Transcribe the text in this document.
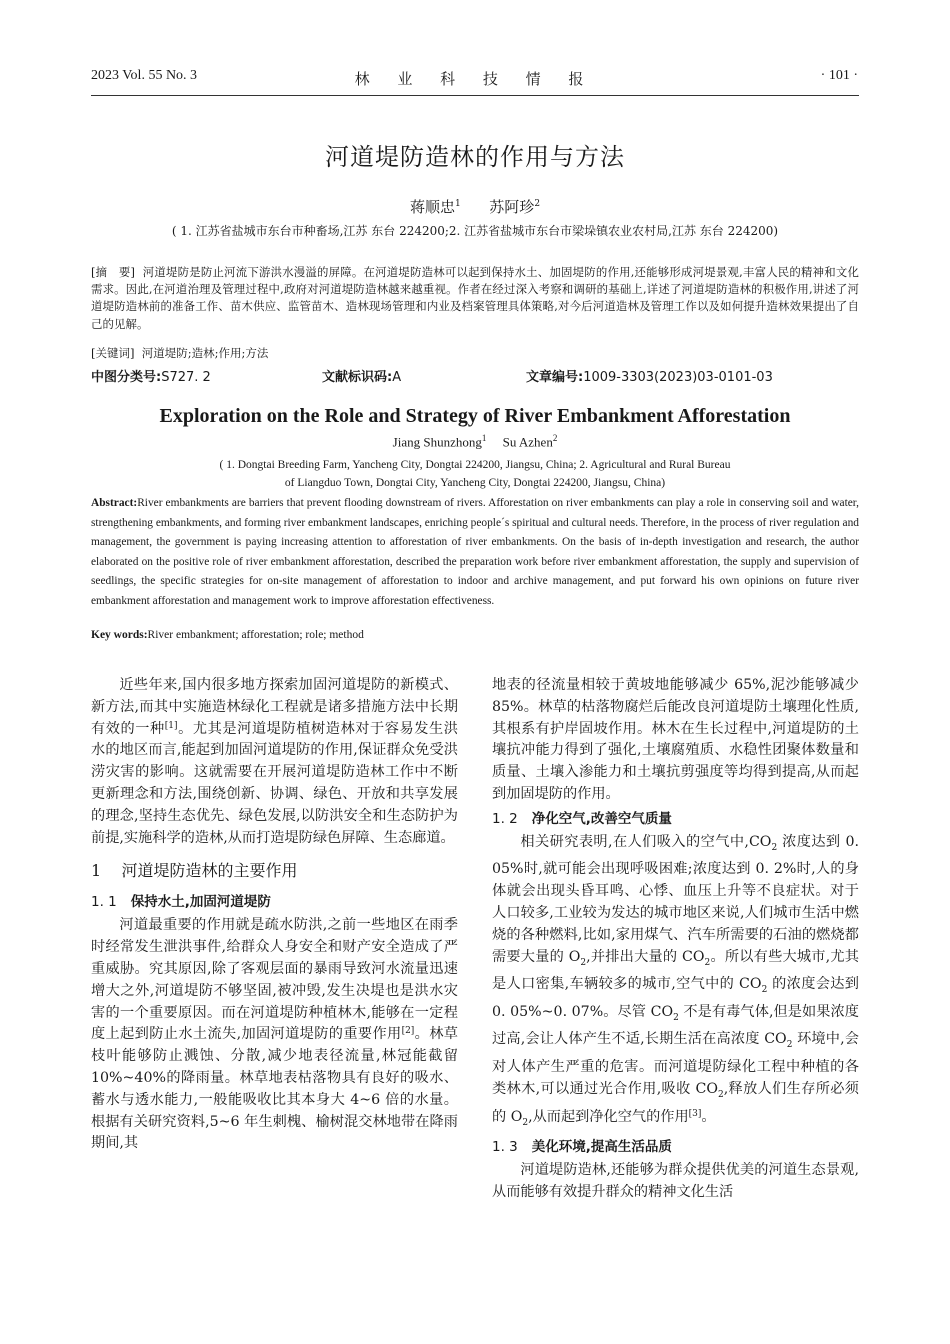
2023 Vol. 55 No. 3	林 业 科 技 情 报	· 101 ·
河道堤防造林的作用与方法
蒋顺忠$^1$ 苏阿珍$^2$
( 1. 江苏省盐城市东台市种畜场,江苏 东台 224200;2. 江苏省盐城市东台市梁垛镇农业农村局,江苏 东台 224200)
[摘　要] 河道堤防是防止河流下游洪水漫溢的屏障。在河道堤防造林可以起到保持水土、加固堤防的作用,还能够形成河堤景观,丰富人民的精神和文化需求。因此,在河道治理及管理过程中,政府对河道堤防造林越来越重视。作者在经过深入考察和调研的基础上,详述了河道堤防造林的积极作用,讲述了河道堤防造林前的准备工作、苗木供应、监管苗木、造林现场管理和内业及档案管理具体策略,对今后河道造林及管理工作以及如何提升造林效果提出了自己的见解。
[关键词] 河道堤防;造林;作用;方法
中图分类号:S727. 2	文献标识码:A	文章编号:1009-3303(2023)03-0101-03
Exploration on the Role and Strategy of River Embankment Afforestation
Jiang Shunzhong$^1$ Su Azhen$^2$
( 1. Dongtai Breeding Farm, Yancheng City, Dongtai 224200, Jiangsu, China; 2. Agricultural and Rural Bureau
of Liangduo Town, Dongtai City, Yancheng City, Dongtai 224200, Jiangsu, China)
Abstract:River embankments are barriers that prevent flooding downstream of rivers. Afforestation on river embankments can play a role in conserving soil and water, strengthening embankments, and forming river embankment landscapes, enriching people´s spiritual and cultural needs. Therefore, in the process of river regulation and management, the government is paying increasing attention to afforestation of river embankments. On the basis of in-depth investigation and research, the author elaborated on the positive role of river embankment afforestation, described the preparation work before river embankment afforestation, the supply and supervision of seedlings, the specific strategies for on-site management of afforestation to indoor and archive management, and put forward his own opinions on future river embankment afforestation and management work to improve afforestation effectiveness.
Key words:River embankment; afforestation; role; method

近些年来,国内很多地方探索加固河道堤防的新模式、新方法,而其中实施造林绿化工程就是诸多措施方法中长期有效的一种[1]。尤其是河道堤防植树造林对于容易发生洪水的地区而言,能起到加固河道堤防的作用,保证群众免受洪涝灾害的影响。这就需要在开展河道堤防造林工作中不断更新理念和方法,围绕创新、协调、绿色、开放和共享发展的理念,坚持生态优先、绿色发展,以防洪安全和生态防护为前提,实施科学的造林,从而打造堤防绿色屏障、生态廊道。

1 河道堤防造林的主要作用
1. 1 保持水土,加固河道堤防

河道最重要的作用就是疏水防洪,之前一些地区在雨季时经常发生泄洪事件,给群众人身安全和财产安全造成了严重威胁。究其原因,除了客观层面的暴雨导致河水流量迅速增大之外,河道堤防不够坚固,被冲毁,发生决堤也是洪水灾害的一个重要原因。而在河道堤防种植林木,能够在一定程度上起到防止水土流失,加固河道堤防的重要作用[2]。林草枝叶能够防止溅蚀、分散,减少地表径流量,林冠能截留 10%~40%的降雨量。林草地表枯落物具有良好的吸水、蓄水与透水能力,一般能吸收比其本身大 4~6 倍的水量。根据有关研究资料,5~6 年生刺槐、榆树混交林地带在降雨期间,其

地表的径流量相较于黄坡地能够减少 65%,泥沙能够减少 85%。林草的枯落物腐烂后能改良河道堤防土壤理化性质,其根系有护岸固坡作用。林木在生长过程中,河道堤防的土壤抗冲能力得到了强化,土壤腐殖质、水稳性团聚体数量和质量、土壤入渗能力和土壤抗剪强度等均得到提高,从而起到加固堤防的作用。

1. 2 净化空气,改善空气质量

相关研究表明,在人们吸入的空气中$,CO_2$ 浓度达到 0. 05%时,就可能会出现呼吸困难;浓度达到 0. 2%时,人的身体就会出现头昏耳鸣、心悸、血压上升等不良症状。对于人口较多,工业较为发达的城市地区来说,人们城市生活中燃烧的各种燃料,比如,家用煤气、汽车所需要的石油的燃烧都需要大量的 $O_2$,并排出大量的 $CO_2$。所以有些大城市,尤其是人口密集,车辆较多的城市,空气中的 $CO_2$ 的浓度会达到 0. 05%~0. 07%。尽管 $CO_2$ 不是有毒气体,但是如果浓度过高,会让人体产生不适,长期生活在高浓度 $CO_2$ 环境中,会对人体产生严重的危害。而河道堤防绿化工程中种植的各类林木,可以通过光合作用,吸收 $CO_2$,释放人们生存所必须的 $O_2$,从而起到净化空气的作用[3]。

1. 3 美化环境,提高生活品质

河道堤防造林,还能够为群众提供优美的河道生态景观,从而能够有效提升群众的精神文化生活
